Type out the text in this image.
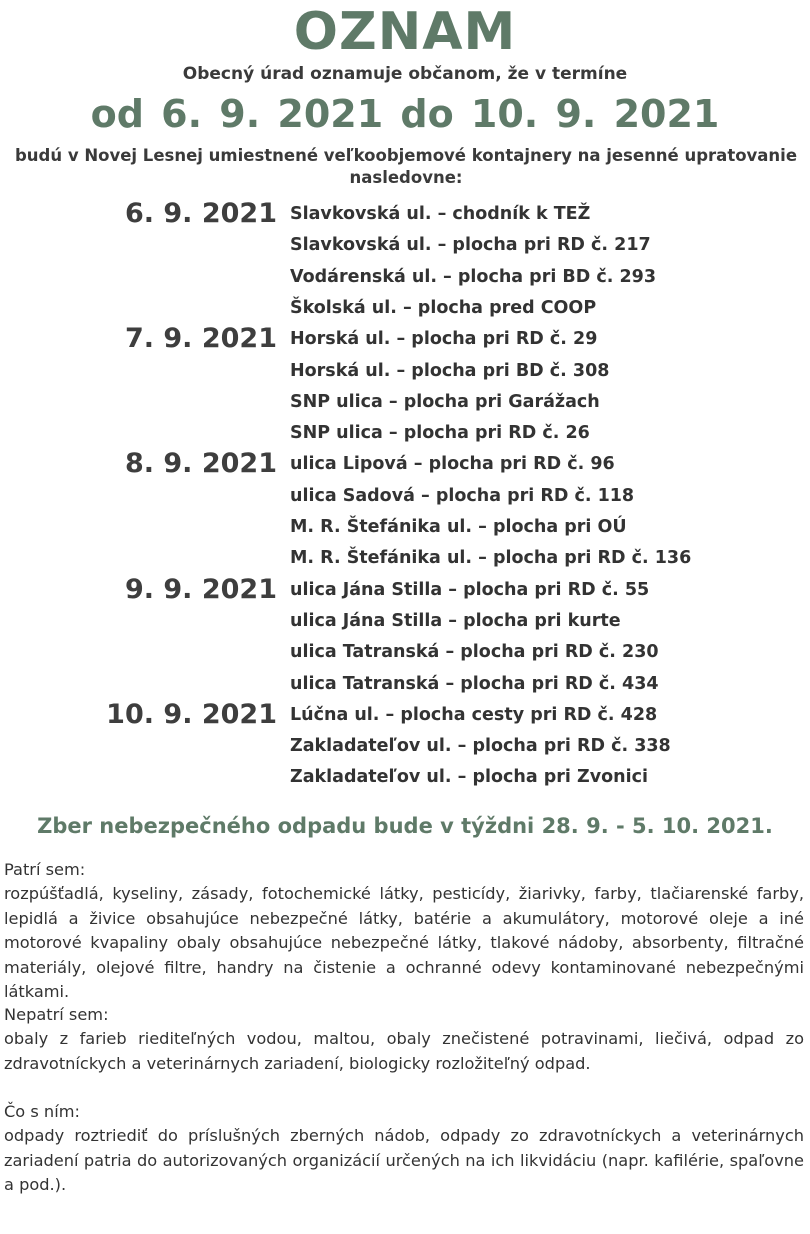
OZNAM
Obecný úrad oznamuje občanom, že v termíne
od 6. 9. 2021 do 10. 9. 2021
budú v Novej Lesnej umiestnené veľkoobjemové kontajnery na jesenné upratovanie nasledovne:
6. 9. 2021 Slavkovská ul. – chodník k TEŽ
Slavkovská ul. – plocha pri RD č. 217
Vodárenská ul. – plocha pri BD č. 293
Školská ul. – plocha pred COOP
7. 9. 2021 Horská ul. – plocha pri RD č. 29
Horská ul. – plocha pri BD č. 308
SNP ulica – plocha pri Garážach
SNP ulica – plocha pri RD č. 26
8. 9. 2021 ulica Lipová – plocha pri RD č. 96
ulica Sadová – plocha pri RD č. 118
M. R. Štefánika ul. – plocha pri OÚ
M. R. Štefánika ul. – plocha pri RD č. 136
9. 9. 2021 ulica Jána Stilla – plocha pri RD č. 55
ulica Jána Stilla – plocha pri kurte
ulica Tatranská – plocha pri RD č. 230
ulica Tatranská – plocha pri RD č. 434
10. 9. 2021 Lúčna ul. – plocha cesty pri RD č. 428
Zakladateľov ul. – plocha pri RD č. 338
Zakladateľov ul. – plocha pri Zvonici
Zber nebezpečného odpadu bude v týždni 28. 9. - 5. 10. 2021.
Patrí sem:
rozpúšťadlá, kyseliny, zásady, fotochemické látky, pesticídy, žiarivky, farby, tlačiarenské farby, lepidlá a živice obsahujúce nebezpečné látky, batérie a akumulátory, motorové oleje a iné motorové kvapaliny obaly obsahujúce nebezpečné látky, tlakové nádoby, absorbenty, filtračné materiály, olejové filtre, handry na čistenie a ochranné odevy kontaminované nebezpečnými látkami.
Nepatrí sem:
obaly z farieb riediteľných vodou, maltou, obaly znečistené potravinami, liečivá, odpad zo zdravotníckych a veterinárnych zariadení, biologicky rozložiteľný odpad.
Čo s ním:
odpady roztriediť do príslušných zberných nádob, odpady zo zdravotníckych a veterinárnych zariadení patria do autorizovaných organizácií určených na ich likvidáciu (napr. kafilérie, spaľovne a pod.).
